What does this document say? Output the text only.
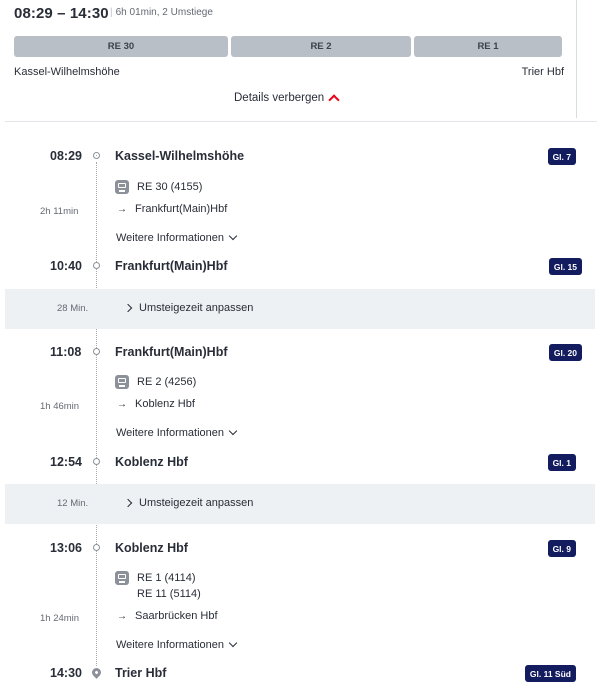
08:29 – 14:30 | 6h 01min, 2 Umstiege
RE 30	RE 2	RE 1
Kassel-Wilhelmshöhe	Trier Hbf
Details verbergen
08:29	Kassel-Wilhelmshöhe	Gl. 7
RE 30 (4155)
2h 11min	→ Frankfurt(Main)Hbf
Weitere Informationen
10:40	Frankfurt(Main)Hbf	Gl. 15
28 Min.	Umsteigezeit anpassen
11:08	Frankfurt(Main)Hbf	Gl. 20
RE 2 (4256)
1h 46min	→ Koblenz Hbf
Weitere Informationen
12:54	Koblenz Hbf	Gl. 1
12 Min.	Umsteigezeit anpassen
13:06	Koblenz Hbf	Gl. 9
RE 1 (4114)
RE 11 (5114)
1h 24min	→ Saarbrücken Hbf
Weitere Informationen
14:30	Trier Hbf	Gl. 11 Süd
